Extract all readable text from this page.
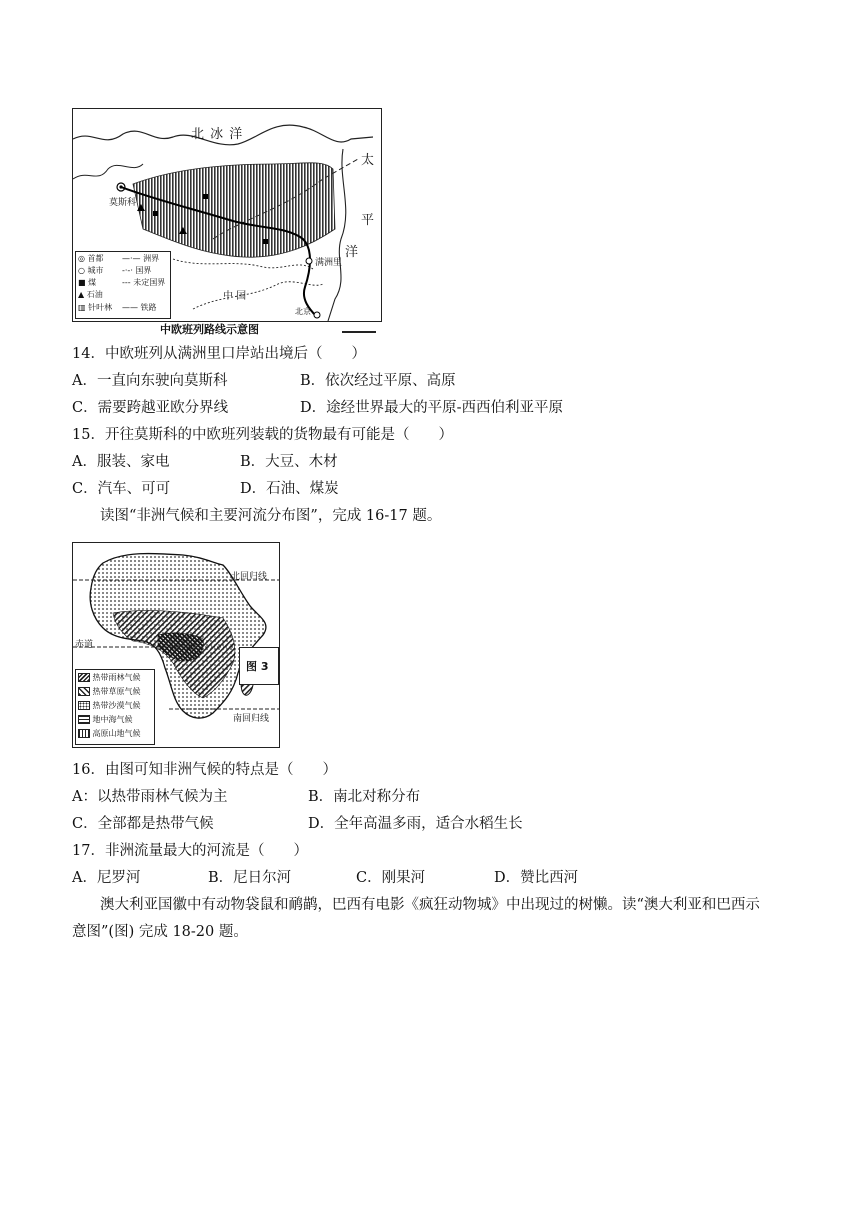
北 冰 洋
太
平
洋
莫斯科
满洲里
中 国
北京
◎ 首都
○ 城市
■ 煤
▲ 石油
▥ 针叶林
—·— 洲界
-·-· 国界
--- 未定国界
—— 铁路
中欧班列路线示意图
14．中欧班列从满洲里口岸站出境后（　　）
A．一直向东驶向莫斯科	B．依次经过平原、高原
C．需要跨越亚欧分界线	D．途经世界最大的平原-西西伯利亚平原
15．开往莫斯科的中欧班列装载的货物最有可能是（　　）
A．服装、家电	B．大豆、木材
C．汽车、可可	D．石油、煤炭
读图“非洲气候和主要河流分布图”，完成 16-17 题。
北回归线
赤道
图 3
南回归线
热带雨林气候
热带草原气候
热带沙漠气候
地中海气候
高原山地气候
16．由图可知非洲气候的特点是（　　）
A：以热带雨林气候为主	B．南北对称分布
C．全部都是热带气候	D．全年高温多雨，适合水稻生长
17．非洲流量最大的河流是（　　）
A．尼罗河	B．尼日尔河	C．刚果河	D．赞比西河
澳大利亚国徽中有动物袋鼠和鸸鹋，巴西有电影《疯狂动物城》中出现过的树懒。读“澳大利亚和巴西示
意图”(图) 完成 18-20 题。
